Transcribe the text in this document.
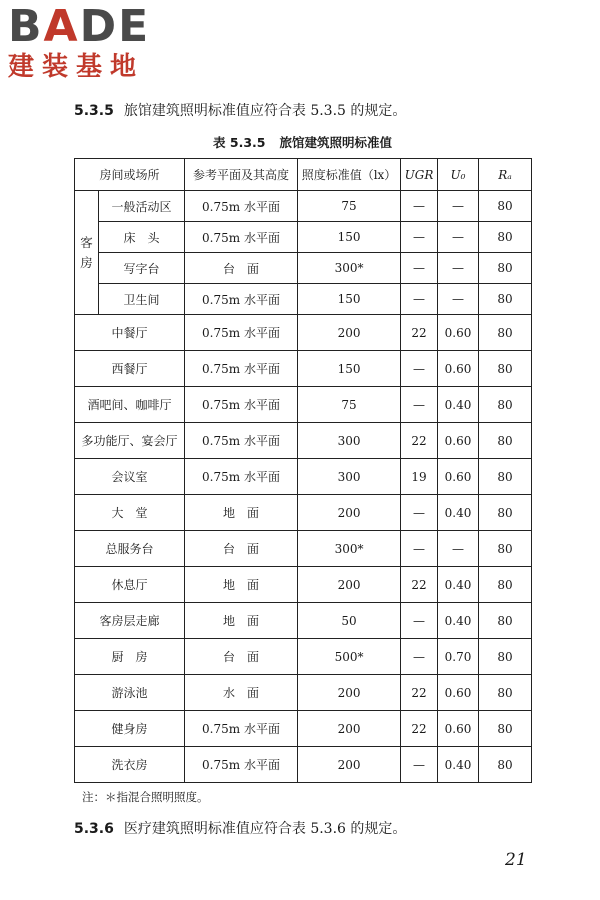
BADE
建装基地
5.3.5 旅馆建筑照明标准值应符合表 5.3.5 的规定。
表 5.3.5 旅馆建筑照明标准值
房间或场所		参考平面及其高度	照度标准值（lx）	UGR	U₀	Rₐ

客
房	一般活动区	0.75m 水平面	75	—	—	80
	床　头	0.75m 水平面	150	—	—	80
	写字台	台　面	300*	—	—	80
	卫生间	0.75m 水平面	150	—	—	80
中餐厅		0.75m 水平面	200	22	0.60	80
西餐厅		0.75m 水平面	150	—	0.60	80
酒吧间、咖啡厅		0.75m 水平面	75	—	0.40	80
多功能厅、宴会厅		0.75m 水平面	300	22	0.60	80
会议室		0.75m 水平面	300	19	0.60	80
大　堂		地　面	200	—	0.40	80
总服务台		台　面	300*	—	—	80
休息厅		地　面	200	22	0.40	80
客房层走廊		地　面	50	—	0.40	80
厨　房		台　面	500*	—	0.70	80
游泳池		水　面	200	22	0.60	80
健身房		0.75m 水平面	200	22	0.60	80
洗衣房		0.75m 水平面	200	—	0.40	80
注：＊指混合照明照度。
5.3.6 医疗建筑照明标准值应符合表 5.3.6 的规定。
21
